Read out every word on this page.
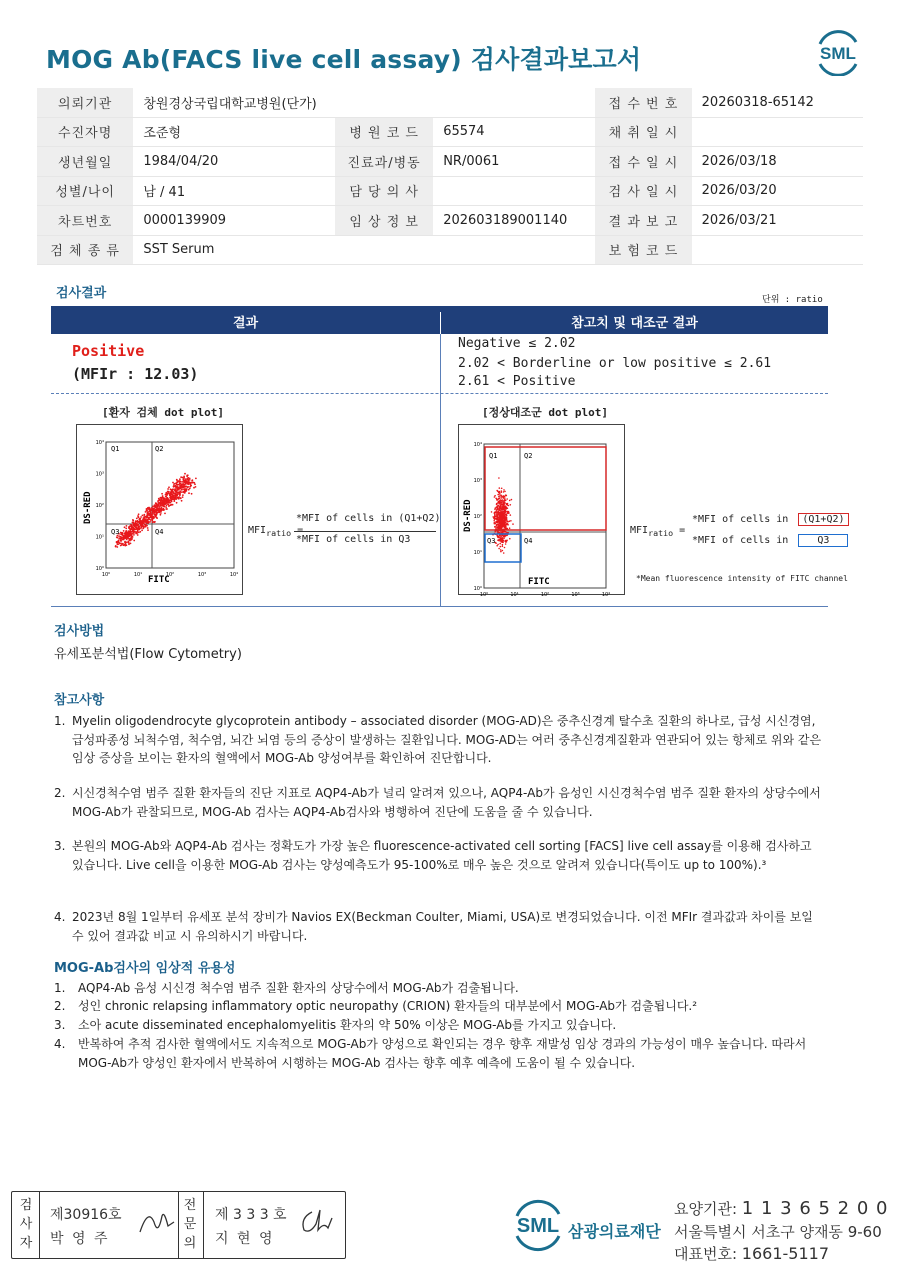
MOG Ab(FACS live cell assay) 검사결과보고서	SML
의뢰기관	창원경상국립대학교병원(단가)			접 수 번 호	20260318-65142
수진자명	조준형	병 원 코 드	65574	채 취 일 시	
생년월일	1984/04/20	진료과/병동	NR/0061	접 수 일 시	2026/03/18
성별/나이	남 / 41	담 당 의 사		검 사 일 시	2026/03/20
차트번호	0000139909	임 상 정 보	202603189001140	결 과 보 고	2026/03/21
검 체 종 류	SST Serum			보 험 코 드	
검사결과	단위 : ratio
결과	참고치 및 대조군 결과
Positive
(MFIr : 12.03)
Negative ≤ 2.02
2.02 < Borderline or low positive ≤ 2.61
2.61 < Positive
[환자 검체 dot plot]
Q1	Q2
Q3	Q4
10⁰
10⁰
10¹
10¹
10²
10²
10³
10³
10⁴
10⁴
DS-RED
FITC
$MFI_{ratio}$ =
*MFI of cells in (Q1+Q2)
*MFI of cells in Q3
[정상대조군 dot plot]
Q1	Q2
Q3	Q4
10⁰
10⁰
10¹
10¹
10²
10²
10³
10³
10⁴
10⁴
DS-RED
FITC
$MFI_{ratio}$ =
*MFI of cells in (Q1+Q2)
*MFI of cells in	Q3
*Mean fluorescence intensity of FITC channel
검사방법
유세포분석법(Flow Cytometry)
참고사항
1. Myelin oligodendrocyte glycoprotein antibody – associated disorder (MOG-AD)은 중추신경계 탈수초 질환의 하나로, 급성 시신경염, 급성파종성 뇌척수염, 척수염, 뇌간 뇌염 등의 증상이 발생하는 질환입니다. MOG-AD는 여러 중추신경계질환과 연관되어 있는 항체로 위와 같은 임상 증상을 보이는 환자의 혈액에서 MOG-Ab 양성여부를 확인하여 진단합니다.
2. 시신경척수염 범주 질환 환자들의 진단 지표로 AQP4-Ab가 널리 알려져 있으나, AQP4-Ab가 음성인 시신경척수염 범주 질환 환자의 상당수에서 MOG-Ab가 관찰되므로, MOG-Ab 검사는 AQP4-Ab검사와 병행하여 진단에 도움을 줄 수 있습니다.
3. 본원의 MOG-Ab와 AQP4-Ab 검사는 정확도가 가장 높은 fluorescence-activated cell sorting [FACS] live cell assay를 이용해 검사하고 있습니다. Live cell을 이용한 MOG-Ab 검사는 양성예측도가 95-100%로 매우 높은 것으로 알려져 있습니다(특이도 up to 100%).³
4. 2023년 8월 1일부터 유세포 분석 장비가 Navios EX(Beckman Coulter, Miami, USA)로 변경되었습니다. 이전 MFIr 결과값과 차이를 보일 수 있어 결과값 비교 시 유의하시기 바랍니다.
MOG-Ab검사의 임상적 유용성
1. AQP4-Ab 음성 시신경 척수염 범주 질환 환자의 상당수에서 MOG-Ab가 검출됩니다.
2. 성인 chronic relapsing inflammatory optic neuropathy (CRION) 환자들의 대부분에서 MOG-Ab가 검출됩니다.²
3. 소아 acute disseminated encephalomyelitis 환자의 약 50% 이상은 MOG-Ab를 가지고 있습니다.
4. 반복하여 추적 검사한 혈액에서도 지속적으로 MOG-Ab가 양성으로 확인되는 경우 향후 재발성 임상 경과의 가능성이 매우 높습니다. 따라서 MOG-Ab가 양성인 환자에서 반복하여 시행하는 MOG-Ab 검사는 향후 예후 예측에 도움이 될 수 있습니다.
검
사
자
제30916호
박 영 주
전
문
의
제 3 3 3 호
지 현 영
SML 삼광의료재단
요양기관: 1 1 3 6 5 2 0 0
서울특별시 서초구 양재동 9-60
대표번호: 1661-5117
